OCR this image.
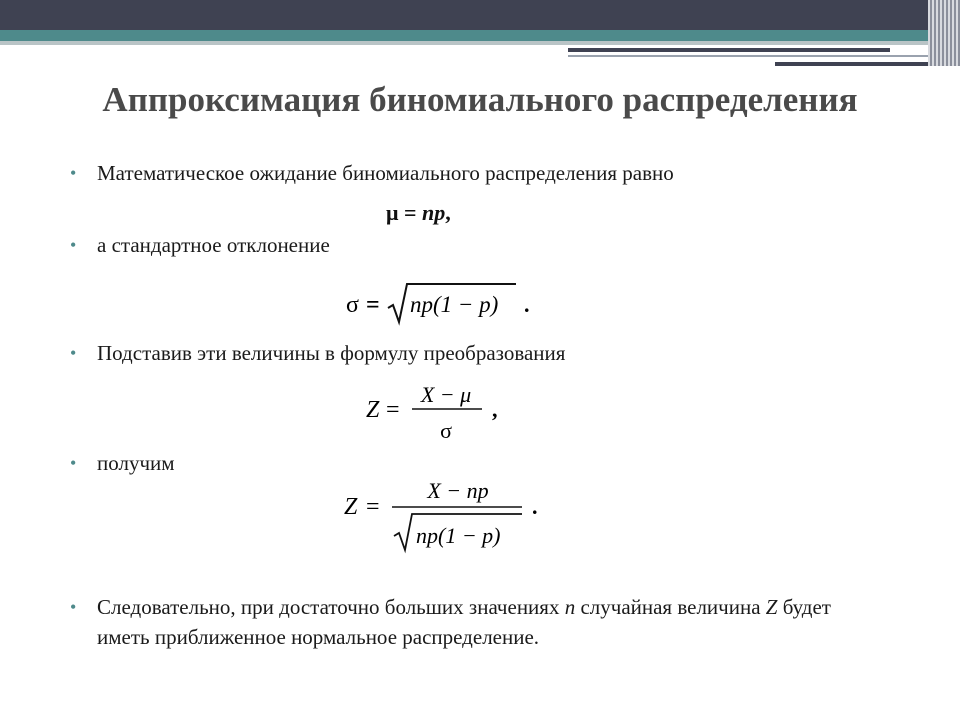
Аппроксимация биномиального распределения
• Математическое ожидание биномиального распределения равно
μ = np,
• а стандартное отклонение
σ = np(1 − p) .
• Подставив эти величины в формулу преобразования
Z =
X − μ
σ
,
• получим
Z =
X − np
np(1 − p)
.
• Следовательно, при достаточно больших значениях n случайная величина Z будет иметь приближенное нормальное распределение.
